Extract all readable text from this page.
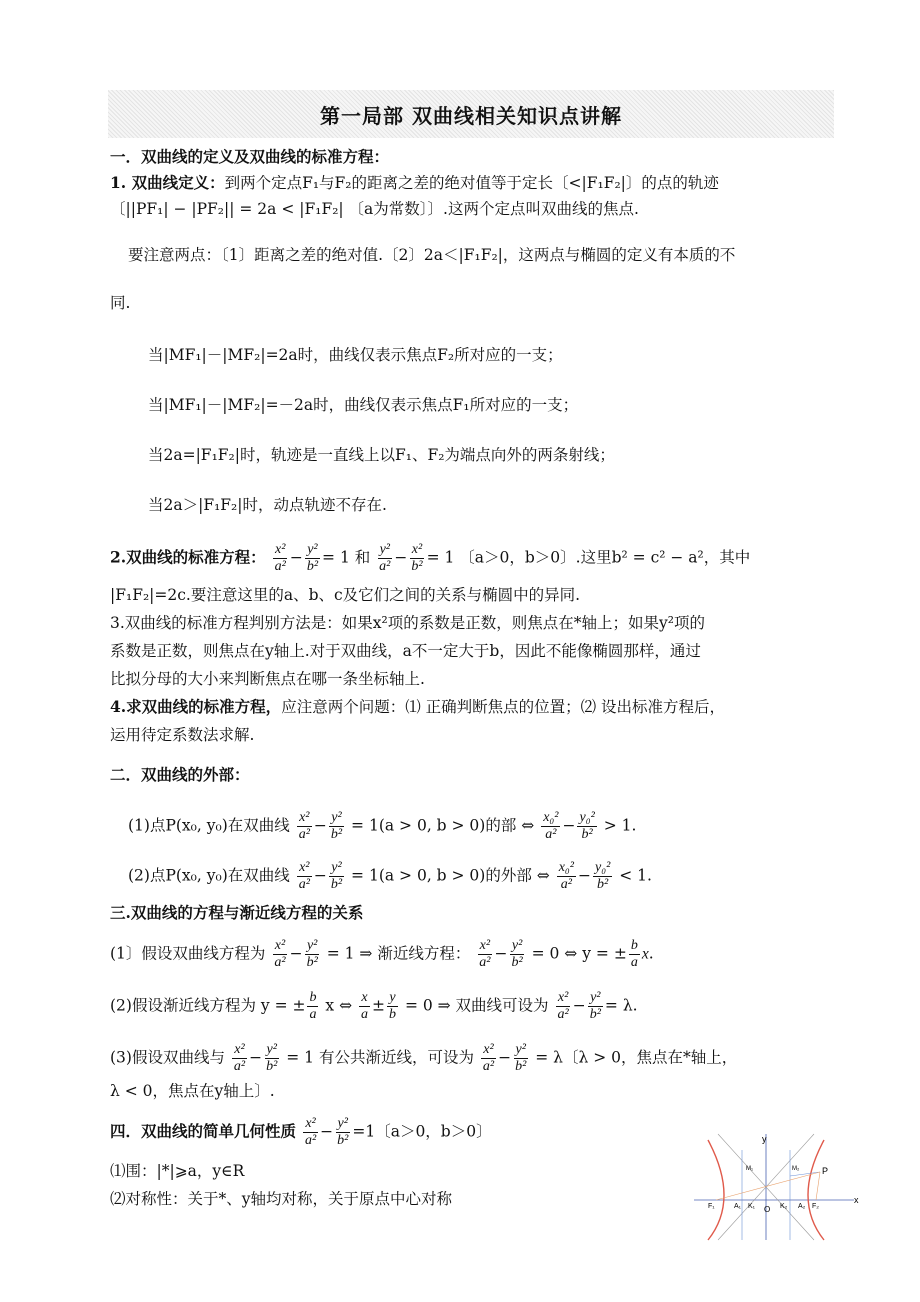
第一局部 双曲线相关知识点讲解
一．双曲线的定义及双曲线的标准方程：
1. 双曲线定义：到两个定点F₁与F₂的距离之差的绝对值等于定长〔<|F₁F₂|〕的点的轨迹
〔||PF₁| − |PF₂|| = 2a < |F₁F₂| 〔a为常数〕〕.这两个定点叫双曲线的焦点.
要注意两点：〔1〕距离之差的绝对值.〔2〕2a＜|F₁F₂|，这两点与椭圆的定义有本质的不
同.
当|MF₁|－|MF₂|=2a时，曲线仅表示焦点F₂所对应的一支；
当|MF₁|－|MF₂|=－2a时，曲线仅表示焦点F₁所对应的一支；
当2a=|F₁F₂|时，轨迹是一直线上以F₁、F₂为端点向外的两条射线；
当2a＞|F₁F₂|时，动点轨迹不存在.
2.双曲线的标准方程： $\frac{\text{x²}}{\text{a²}} - \frac{\text{y²}}{\text{b²}} = 1$ 和 $\frac{\text{y²}}{\text{a²}} - \frac{\text{x²}}{\text{b²}} = 1$ 〔a＞0，b＞0〕.这里b² = c² − a²，其中
|F₁F₂|=2c.要注意这里的a、b、c及它们之间的关系与椭圆中的异同.
3.双曲线的标准方程判别方法是：如果x²项的系数是正数，则焦点在*轴上；如果y²项的
系数是正数，则焦点在y轴上.对于双曲线，a不一定大于b，因此不能像椭圆那样，通过
比拟分母的大小来判断焦点在哪一条坐标轴上.
4.求双曲线的标准方程，应注意两个问题：⑴ 正确判断焦点的位置；⑵ 设出标准方程后，
运用待定系数法求解.
二．双曲线的外部：
(1)点P(x₀, y₀)在双曲线 $\frac{\text{x²}}{\text{a²}} - \frac{\text{y²}}{\text{b²}} = 1(a > 0$, b > 0)的部 ⇔ $\frac{\text{x₀²}}{\text{a²}} - \frac{\text{y₀²}}{\text{b²}} > 1$.
(2)点P(x₀, y₀)在双曲线 $\frac{\text{x²}}{\text{a²}} - \frac{\text{y²}}{\text{b²}} = 1(a > 0$, b > 0)的外部 ⇔ $\frac{\text{x₀²}}{\text{a²}} - \frac{\text{y₀²}}{\text{b²}} < 1$.
三.双曲线的方程与渐近线方程的关系
(1〕假设双曲线方程为 $\frac{\text{x²}}{\text{a²}} - \frac{\text{y²}}{\text{b²}} = 1$ ⇒ 渐近线方程： $\frac{\text{x²}}{\text{a²}} - \frac{\text{y²}}{\text{b²}} = 0$ ⇔ y = ± $\frac{b}{a} x$.
(2)假设渐近线方程为 y = ± $\frac{b}{a}$ x ⇔ $\frac{x}{a} \pm \frac{y}{b} = 0$ ⇒ 双曲线可设为 $\frac{\text{x²}}{\text{a²}} - \frac{\text{y²}}{\text{b²}} = \lambda$.
(3)假设双曲线与 $\frac{\text{x²}}{\text{a²}} - \frac{\text{y²}}{\text{b²}} = 1$ 有公共渐近线，可设为 $\frac{\text{x²}}{\text{a²}} - \frac{\text{y²}}{\text{b²}} = \lambda$〔λ > 0，焦点在*轴上，
λ < 0，焦点在y轴上〕.
四．双曲线的简单几何性质 $\frac{\text{x²}}{\text{a²}} - \frac{\text{y²}}{\text{b²}} =1$〔a＞0，b＞0〕
⑴围：|*|⩾a，y∈R
⑵对称性：关于*、y轴均对称，关于原点中心对称
y
x
O
P
M₁	M₂
F₁	A₁ K₁	K₂ A₂ F₂
